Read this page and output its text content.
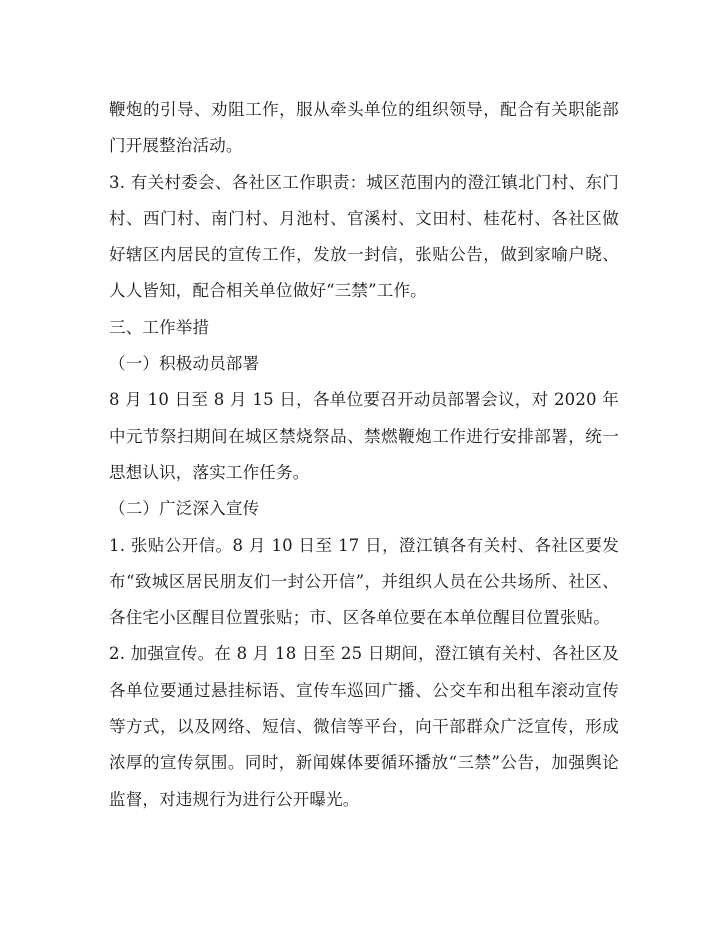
鞭炮的引导、劝阻工作，服从牵头单位的组织领导，配合有关职能部门开展整治活动。

3. 有关村委会、各社区工作职责：城区范围内的澄江镇北门村、东门村、西门村、南门村、月池村、官溪村、文田村、桂花村、各社区做好辖区内居民的宣传工作，发放一封信，张贴公告，做到家喻户晓、人人皆知，配合相关单位做好“三禁”工作。

三、工作举措

（一）积极动员部署

8 月 10 日至 8 月 15 日，各单位要召开动员部署会议，对 2020 年中元节祭扫期间在城区禁烧祭品、禁燃鞭炮工作进行安排部署，统一思想认识，落实工作任务。

（二）广泛深入宣传

1. 张贴公开信。8 月 10 日至 17 日，澄江镇各有关村、各社区要发布“致城区居民朋友们一封公开信”，并组织人员在公共场所、社区、各住宅小区醒目位置张贴；市、区各单位要在本单位醒目位置张贴。

2. 加强宣传。在 8 月 18 日至 25 日期间，澄江镇有关村、各社区及各单位要通过悬挂标语、宣传车巡回广播、公交车和出租车滚动宣传等方式，以及网络、短信、微信等平台，向干部群众广泛宣传，形成浓厚的宣传氛围。同时，新闻媒体要循环播放“三禁”公告，加强舆论监督，对违规行为进行公开曝光。
